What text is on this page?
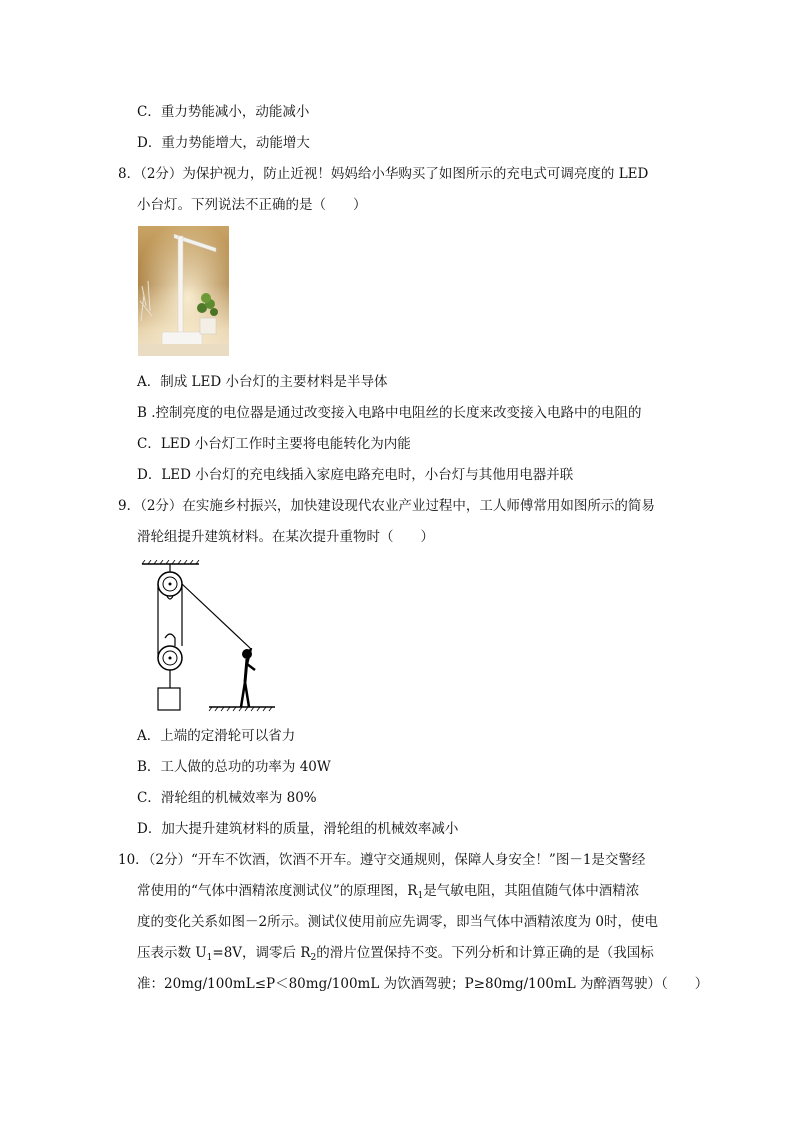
C．重力势能减小，动能减小
D．重力势能增大，动能增大
8．（2分）为保护视力，防止近视！妈妈给小华购买了如图所示的充电式可调亮度的 LED
小台灯。下列说法不正确的是（　　）
A．制成 LED 小台灯的主要材料是半导体
B .控制亮度的电位器是通过改变接入电路中电阻丝的长度来改变接入电路中的电阻的
C．LED 小台灯工作时主要将电能转化为内能
D．LED 小台灯的充电线插入家庭电路充电时，小台灯与其他用电器并联
9．（2分）在实施乡村振兴，加快建设现代农业产业过程中，工人师傅常用如图所示的简易
滑轮组提升建筑材料。在某次提升重物时（　　）
A．上端的定滑轮可以省力
B．工人做的总功的功率为 40W
C．滑轮组的机械效率为 80%
D．加大提升建筑材料的质量，滑轮组的机械效率减小
10．（2分）“开车不饮酒，饮酒不开车。遵守交通规则，保障人身安全！”图－1是交警经
常使用的“气体中酒精浓度测试仪”的原理图，$R_1$是气敏电阻，其阻值随气体中酒精浓
度的变化关系如图－2所示。测试仪使用前应先调零，即当气体中酒精浓度为 0时，使电
压表示数 $U_1=8V$，调零后 $R_2$的滑片位置保持不变。下列分析和计算正确的是（我国标
准：20mg/100mL≤P＜80mg/100mL 为饮酒驾驶；P≥80mg/100mL 为醉酒驾驶）（　　）
